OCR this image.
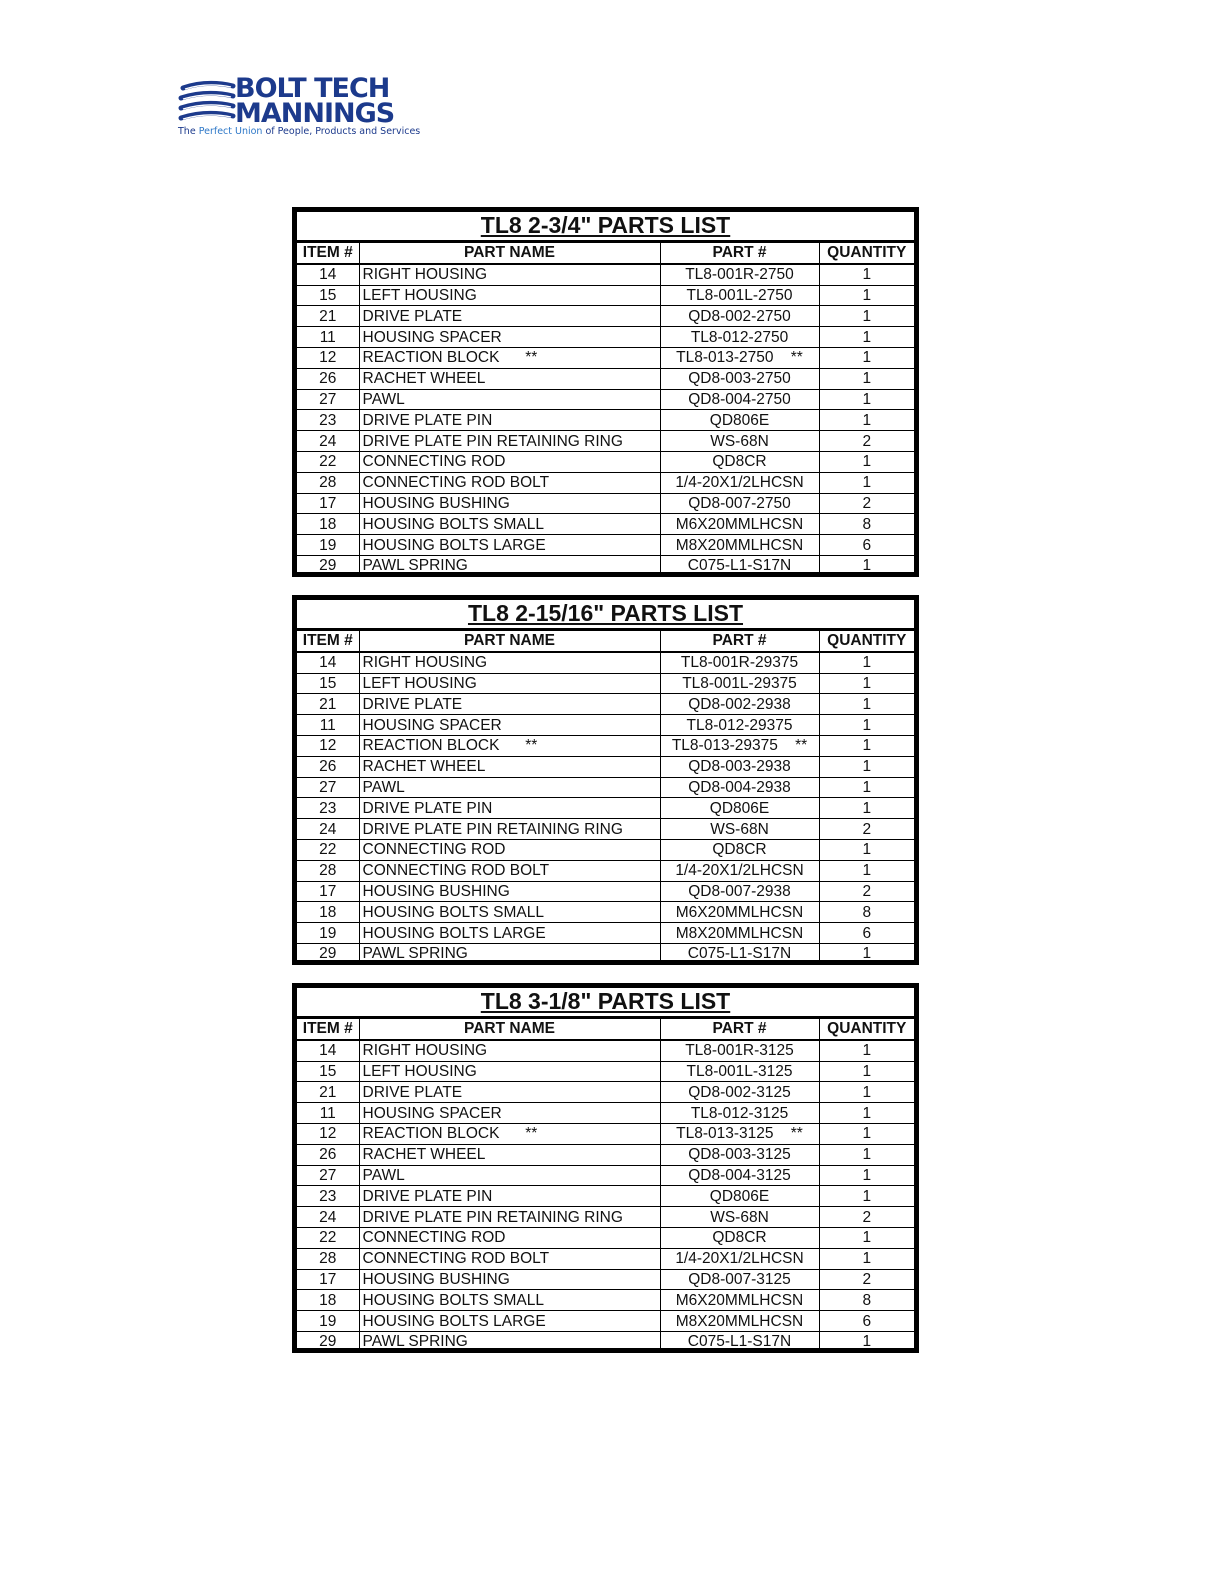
BOLT TECH
MANNINGS
The Perfect Union of People, Products and Services
TL8 2-3/4" PARTS LIST
ITEM #	PART NAME	PART #	QUANTITY
14	RIGHT HOUSING	TL8-001R-2750	1
15	LEFT HOUSING	TL8-001L-2750	1
21	DRIVE PLATE	QD8-002-2750	1
11	HOUSING SPACER	TL8-012-2750	1
12	REACTION BLOCK      **	TL8-013-2750    **	1
26	RACHET WHEEL	QD8-003-2750	1
27	PAWL	QD8-004-2750	1
23	DRIVE PLATE PIN	QD806E	1
24	DRIVE PLATE PIN RETAINING RING	WS-68N	2
22	CONNECTING ROD	QD8CR	1
28	CONNECTING ROD BOLT	1/4-20X1/2LHCSN	1
17	HOUSING BUSHING	QD8-007-2750	2
18	HOUSING BOLTS SMALL	M6X20MMLHCSN	8
19	HOUSING BOLTS LARGE	M8X20MMLHCSN	6
29	PAWL SPRING	C075-L1-S17N	1
TL8 2-15/16" PARTS LIST
ITEM #	PART NAME	PART #	QUANTITY
14	RIGHT HOUSING	TL8-001R-29375	1
15	LEFT HOUSING	TL8-001L-29375	1
21	DRIVE PLATE	QD8-002-2938	1
11	HOUSING SPACER	TL8-012-29375	1
12	REACTION BLOCK      **	TL8-013-29375    **	1
26	RACHET WHEEL	QD8-003-2938	1
27	PAWL	QD8-004-2938	1
23	DRIVE PLATE PIN	QD806E	1
24	DRIVE PLATE PIN RETAINING RING	WS-68N	2
22	CONNECTING ROD	QD8CR	1
28	CONNECTING ROD BOLT	1/4-20X1/2LHCSN	1
17	HOUSING BUSHING	QD8-007-2938	2
18	HOUSING BOLTS SMALL	M6X20MMLHCSN	8
19	HOUSING BOLTS LARGE	M8X20MMLHCSN	6
29	PAWL SPRING	C075-L1-S17N	1
TL8 3-1/8" PARTS LIST
ITEM #	PART NAME	PART #	QUANTITY
14	RIGHT HOUSING	TL8-001R-3125	1
15	LEFT HOUSING	TL8-001L-3125	1
21	DRIVE PLATE	QD8-002-3125	1
11	HOUSING SPACER	TL8-012-3125	1
12	REACTION BLOCK      **	TL8-013-3125    **	1
26	RACHET WHEEL	QD8-003-3125	1
27	PAWL	QD8-004-3125	1
23	DRIVE PLATE PIN	QD806E	1
24	DRIVE PLATE PIN RETAINING RING	WS-68N	2
22	CONNECTING ROD	QD8CR	1
28	CONNECTING ROD BOLT	1/4-20X1/2LHCSN	1
17	HOUSING BUSHING	QD8-007-3125	2
18	HOUSING BOLTS SMALL	M6X20MMLHCSN	8
19	HOUSING BOLTS LARGE	M8X20MMLHCSN	6
29	PAWL SPRING	C075-L1-S17N	1
